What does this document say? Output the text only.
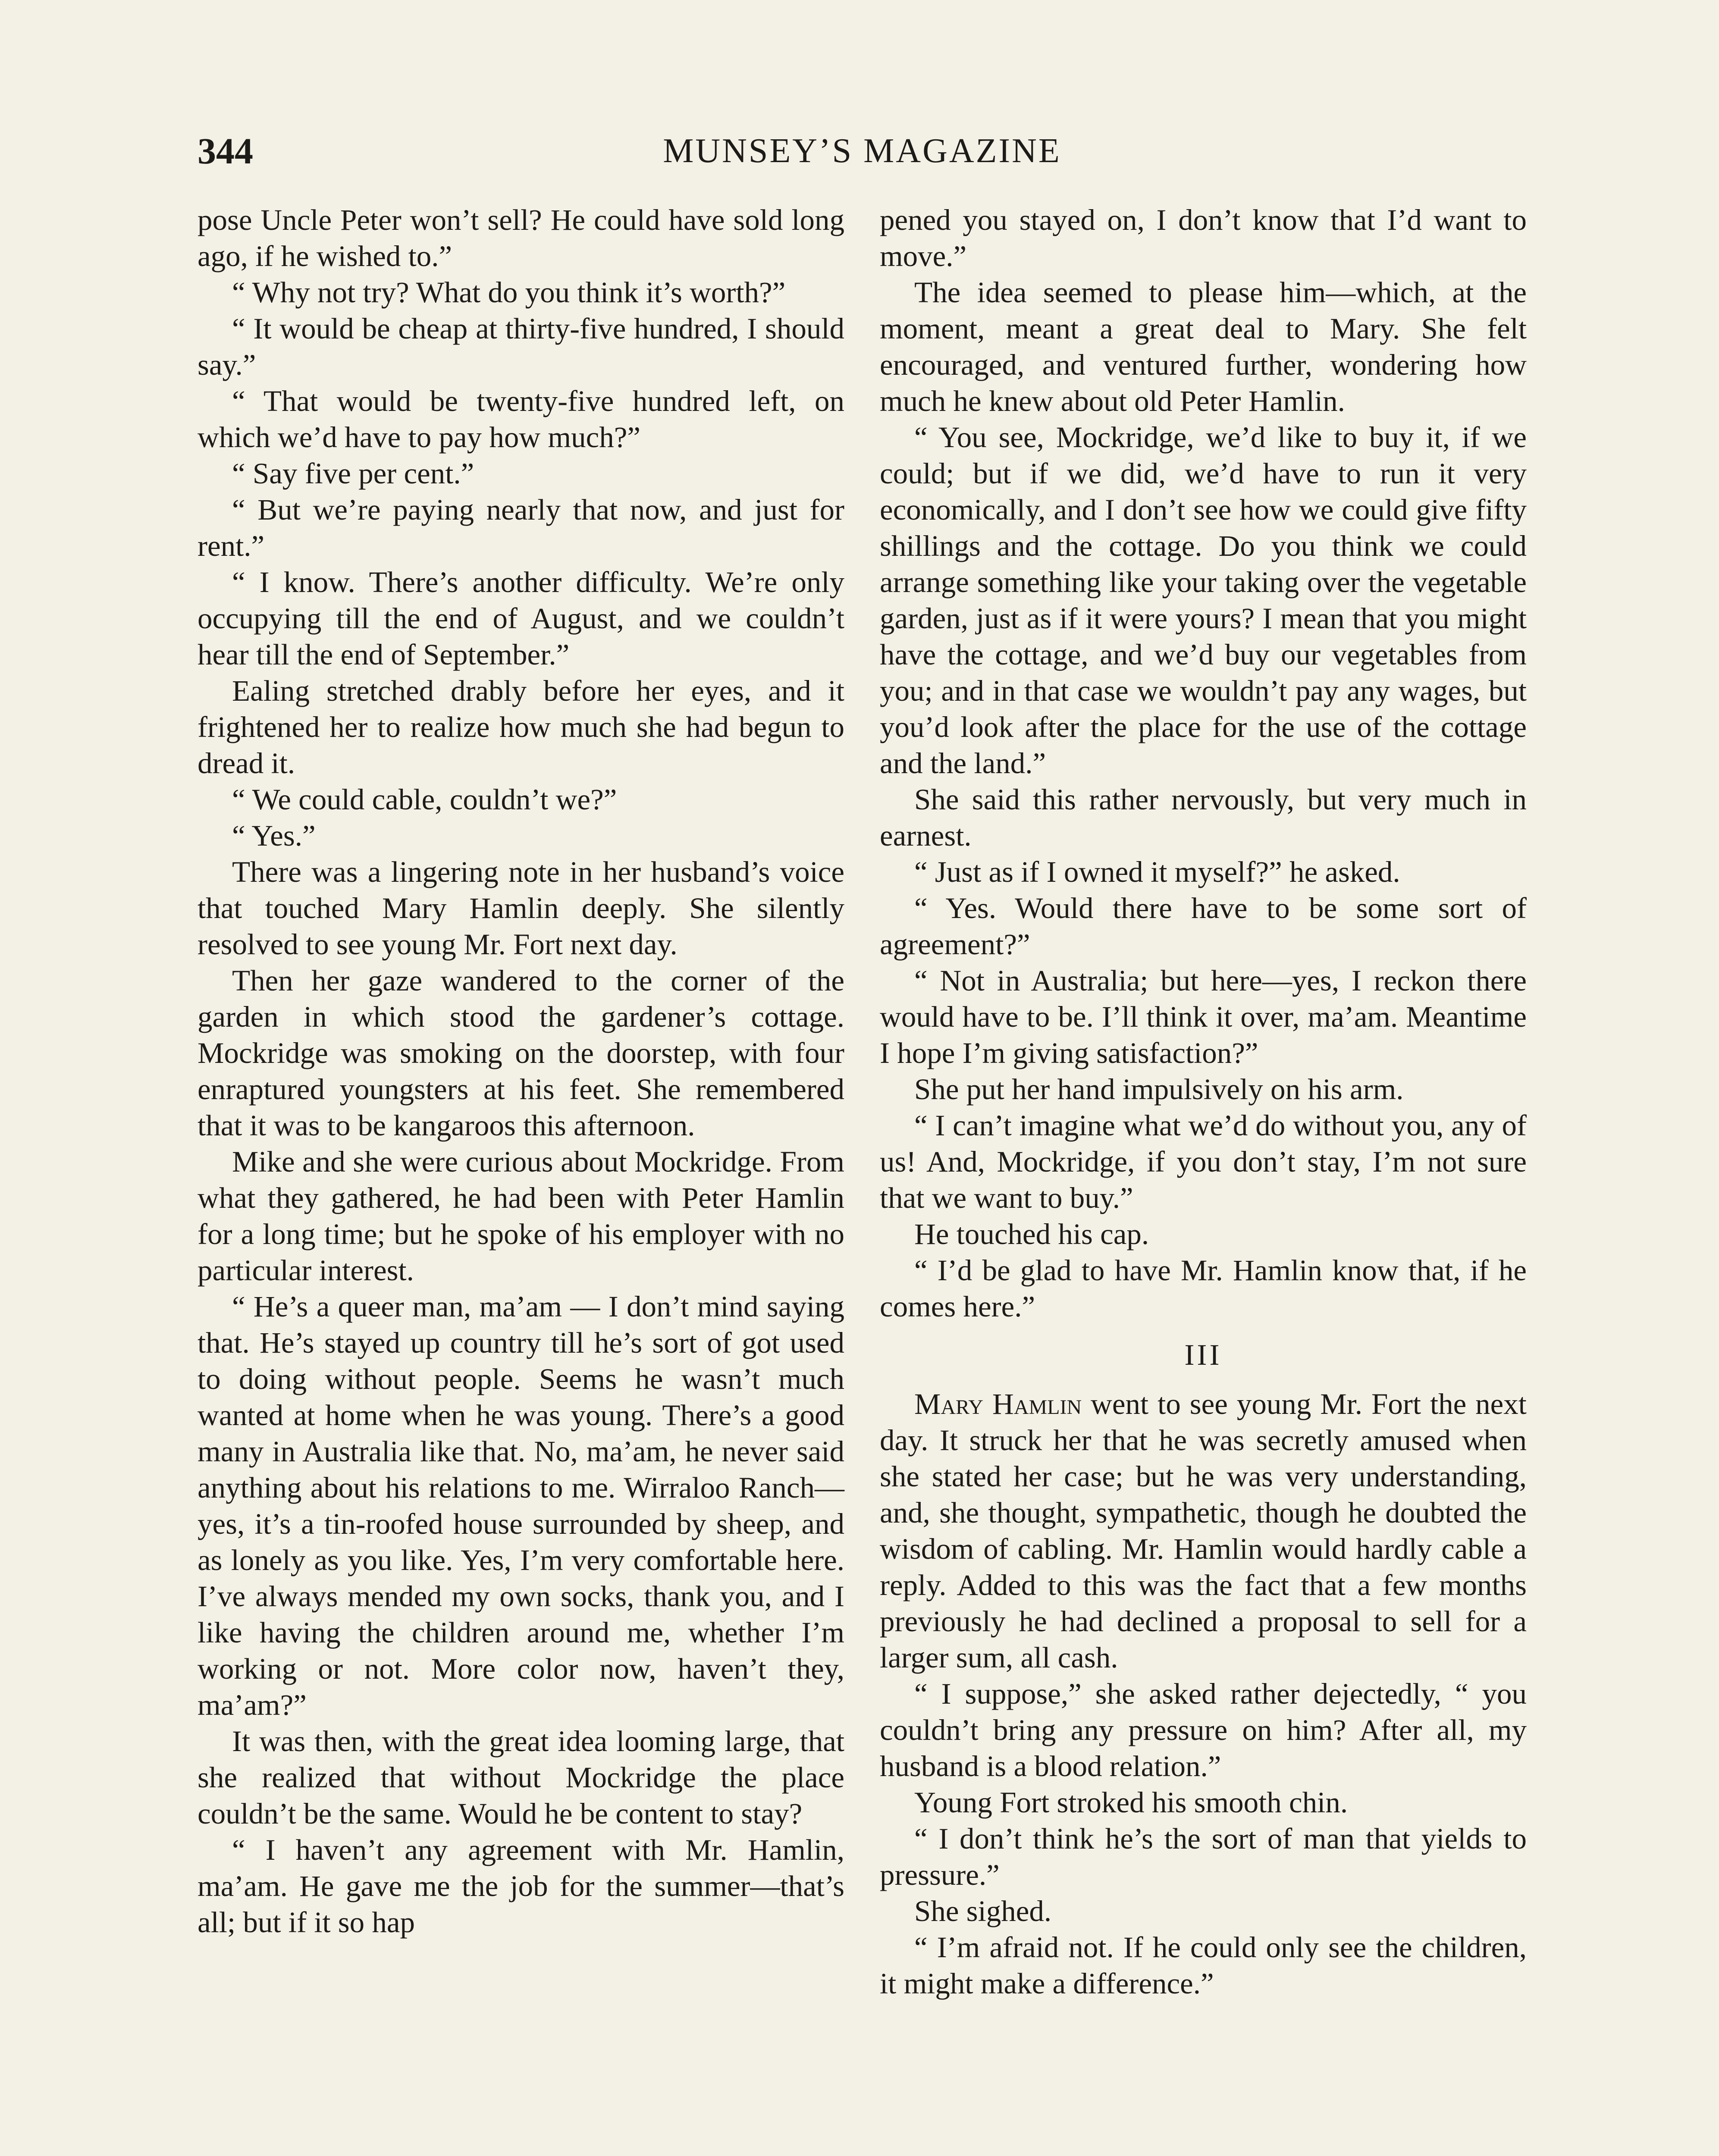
344	MUNSEY’S MAGAZINE

pose Uncle Peter won’t sell? He could have sold long ago, if he wished to.”

“ Why not try? What do you think it’s worth?”

“ It would be cheap at thirty-five hundred, I should say.”

“ That would be twenty-five hundred left, on which we’d have to pay how much?”

“ Say five per cent.”

“ But we’re paying nearly that now, and just for rent.”

“ I know. There’s another difficulty. We’re only occupying till the end of August, and we couldn’t hear till the end of September.”

Ealing stretched drably before her eyes, and it frightened her to realize how much she had begun to dread it.

“ We could cable, couldn’t we?”

“ Yes.”

There was a lingering note in her husband’s voice that touched Mary Hamlin deeply. She silently resolved to see young Mr. Fort next day.

Then her gaze wandered to the corner of the garden in which stood the gardener’s cottage. Mockridge was smoking on the doorstep, with four enraptured youngsters at his feet. She remembered that it was to be kangaroos this afternoon.

Mike and she were curious about Mockridge. From what they gathered, he had been with Peter Hamlin for a long time; but he spoke of his employer with no particular interest.

“ He’s a queer man, ma’am — I don’t mind saying that. He’s stayed up country till he’s sort of got used to doing without people. Seems he wasn’t much wanted at home when he was young. There’s a good many in Australia like that. No, ma’am, he never said anything about his relations to me. Wirraloo Ranch—yes, it’s a tin-roofed house surrounded by sheep, and as lonely as you like. Yes, I’m very comfortable here. I’ve always mended my own socks, thank you, and I like having the children around me, whether I’m working or not. More color now, haven’t they, ma’am?”

It was then, with the great idea looming large, that she realized that without Mockridge the place couldn’t be the same. Would he be content to stay?

“ I haven’t any agreement with Mr. Hamlin, ma’am. He gave me the job for the summer—that’s all; but if it so hap

pened you stayed on, I don’t know that I’d want to move.”

The idea seemed to please him—which, at the moment, meant a great deal to Mary. She felt encouraged, and ventured further, wondering how much he knew about old Peter Hamlin.

“ You see, Mockridge, we’d like to buy it, if we could; but if we did, we’d have to run it very economically, and I don’t see how we could give fifty shillings and the cottage. Do you think we could arrange something like your taking over the vegetable garden, just as if it were yours? I mean that you might have the cottage, and we’d buy our vegetables from you; and in that case we wouldn’t pay any wages, but you’d look after the place for the use of the cottage and the land.”

She said this rather nervously, but very much in earnest.

“ Just as if I owned it myself?” he asked.

“ Yes. Would there have to be some sort of agreement?”

“ Not in Australia; but here—yes, I reckon there would have to be. I’ll think it over, ma’am. Meantime I hope I’m giving satisfaction?”

She put her hand impulsively on his arm.

“ I can’t imagine what we’d do without you, any of us! And, Mockridge, if you don’t stay, I’m not sure that we want to buy.”

He touched his cap.

“ I’d be glad to have Mr. Hamlin know that, if he comes here.”

III

Mary Hamlin went to see young Mr. Fort the next day. It struck her that he was secretly amused when she stated her case; but he was very understanding, and, she thought, sympathetic, though he doubted the wisdom of cabling. Mr. Hamlin would hardly cable a reply. Added to this was the fact that a few months previously he had declined a proposal to sell for a larger sum, all cash.

“ I suppose,” she asked rather dejectedly, “ you couldn’t bring any pressure on him? After all, my husband is a blood relation.”

Young Fort stroked his smooth chin.

“ I don’t think he’s the sort of man that yields to pressure.”

She sighed.

“ I’m afraid not. If he could only see the children, it might make a difference.”
